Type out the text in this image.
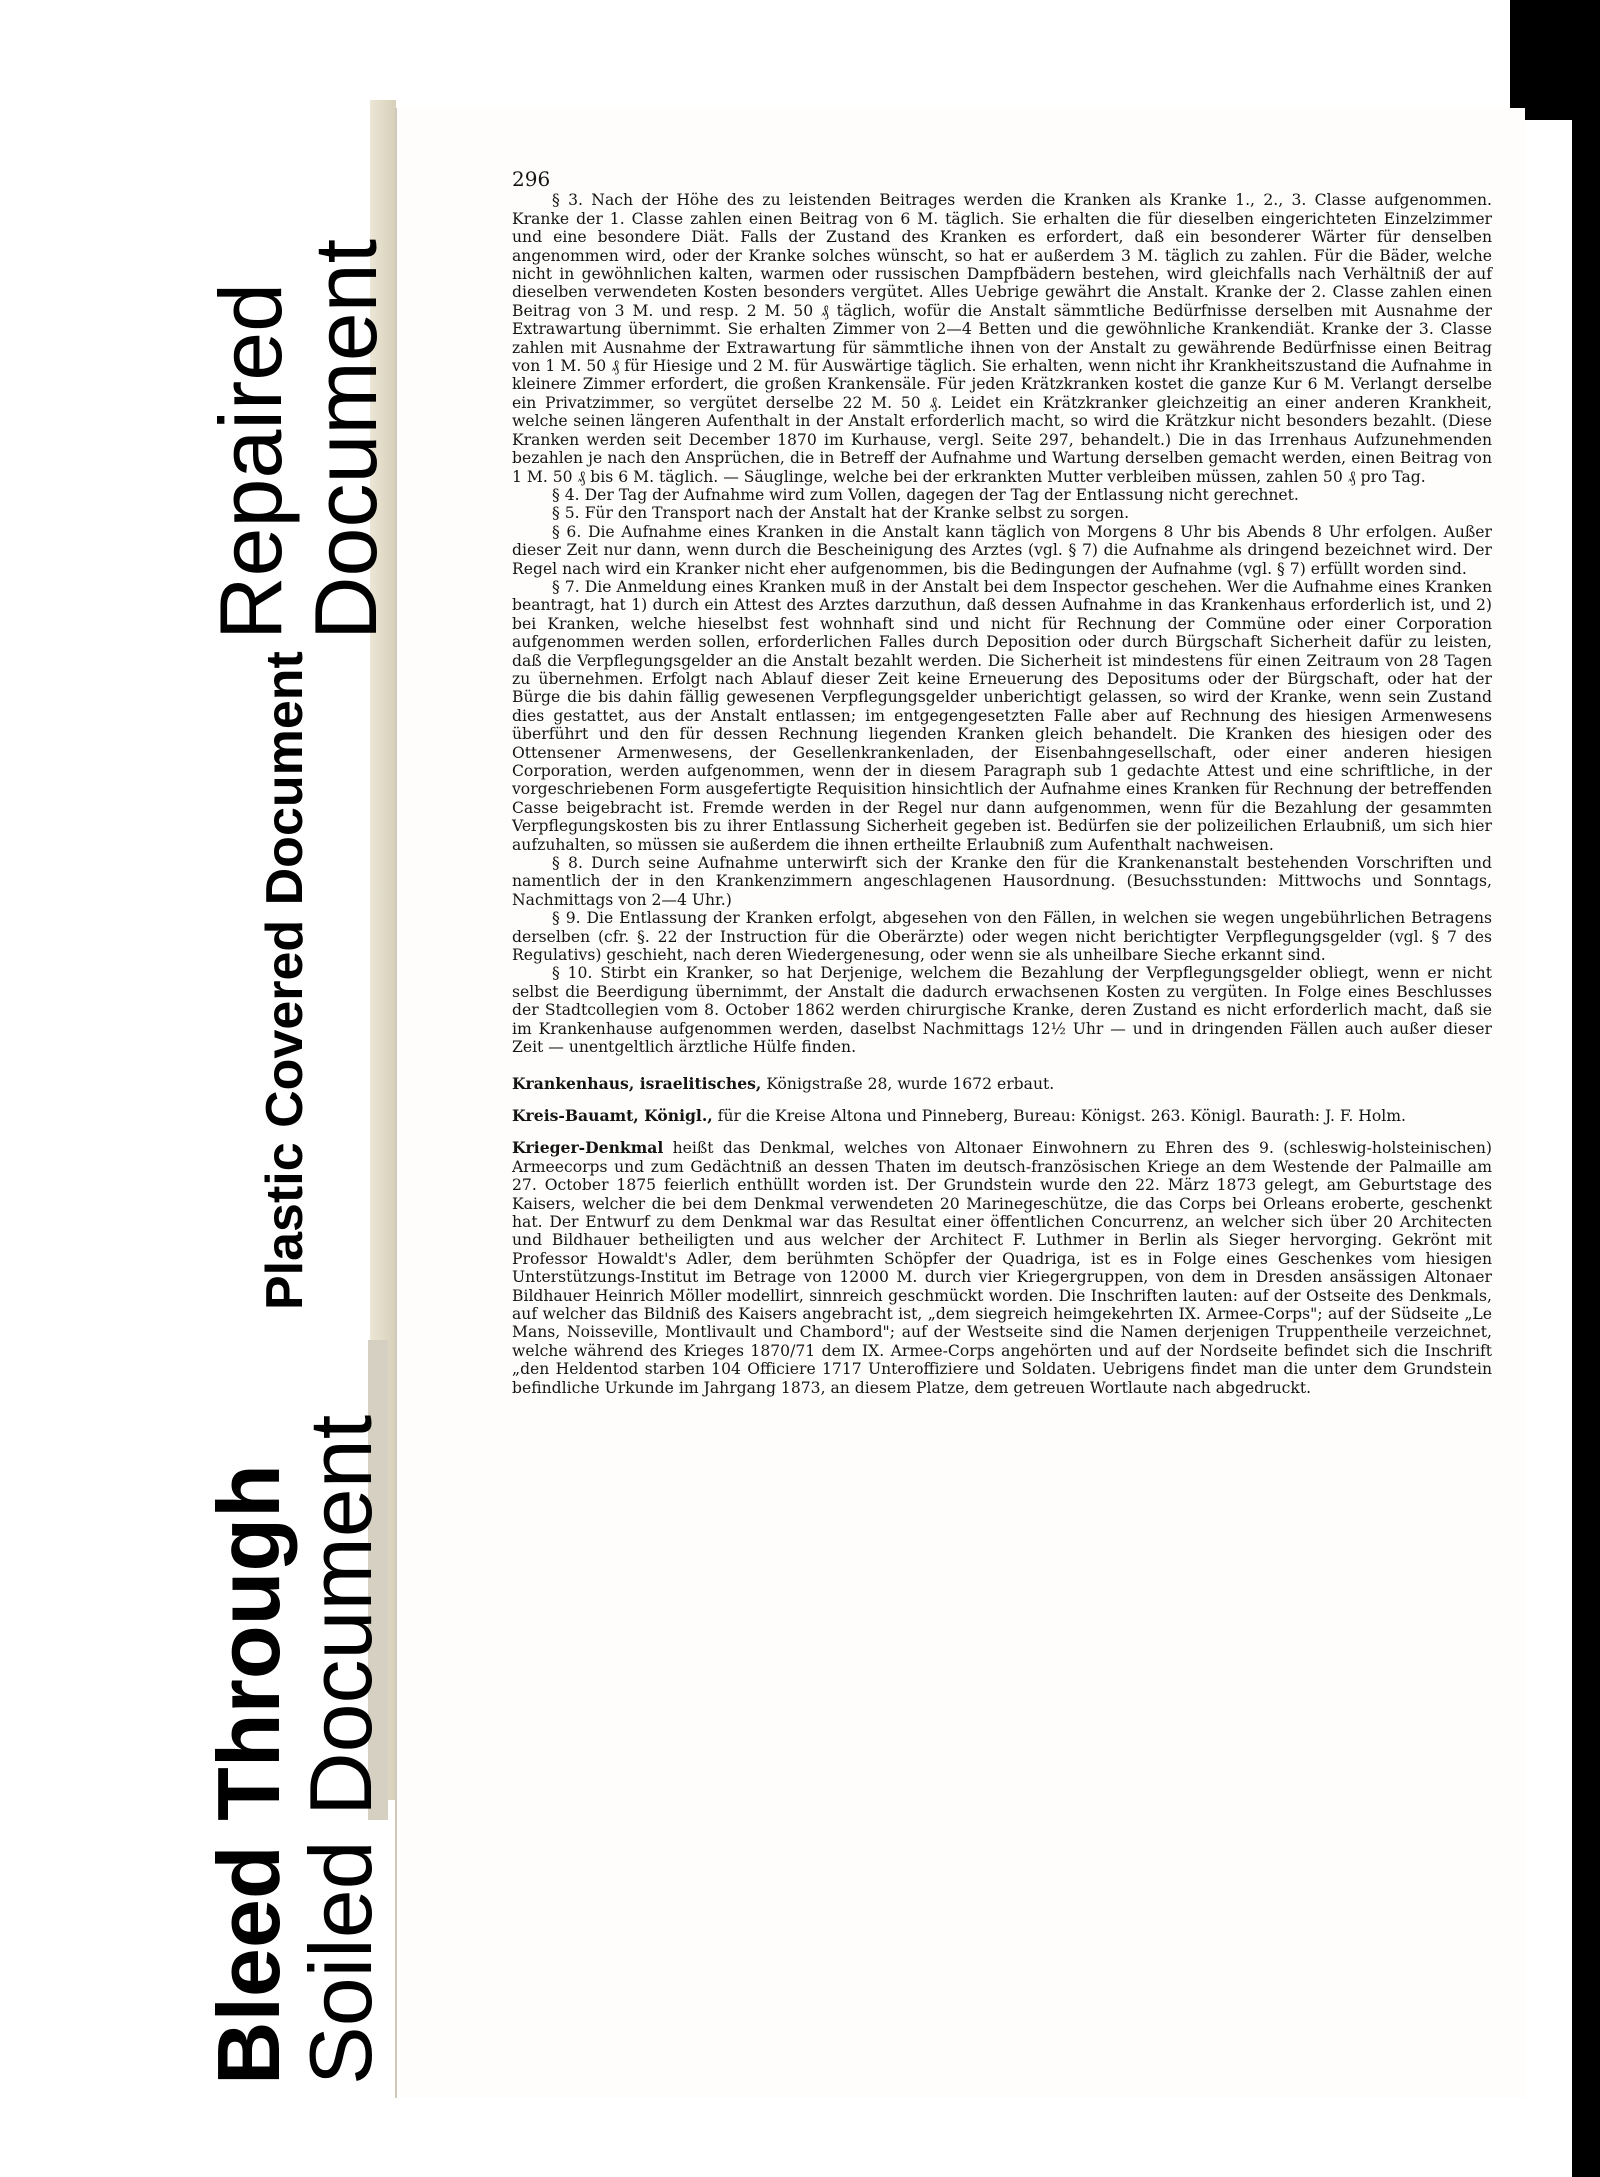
Repaired
Document
Plastic Covered Document
Bleed Through
Soiled Document
296

§ 3. Nach der Höhe des zu leistenden Beitrages werden die Kranken als Kranke 1., 2., 3. Classe aufgenommen. Kranke der 1. Classe zahlen einen Beitrag von 6 M. täglich. Sie erhalten die für dieselben eingerichteten Einzelzimmer und eine besondere Diät. Falls der Zustand des Kranken es erfordert, daß ein besonderer Wärter für denselben angenommen wird, oder der Kranke solches wünscht, so hat er außerdem 3 M. täglich zu zahlen. Für die Bäder, welche nicht in gewöhnlichen kalten, warmen oder russischen Dampfbädern bestehen, wird gleichfalls nach Verhältniß der auf dieselben verwendeten Kosten besonders vergütet. Alles Uebrige gewährt die Anstalt. Kranke der 2. Classe zahlen einen Beitrag von 3 M. und resp. 2 M. 50 ₰ täglich, wofür die Anstalt sämmtliche Bedürfnisse derselben mit Ausnahme der Extrawartung übernimmt. Sie erhalten Zimmer von 2—4 Betten und die gewöhnliche Krankendiät. Kranke der 3. Classe zahlen mit Ausnahme der Extrawartung für sämmtliche ihnen von der Anstalt zu gewährende Bedürfnisse einen Beitrag von 1 M. 50 ₰ für Hiesige und 2 M. für Auswärtige täglich. Sie erhalten, wenn nicht ihr Krankheitszustand die Aufnahme in kleinere Zimmer erfordert, die großen Krankensäle. Für jeden Krätzkranken kostet die ganze Kur 6 M. Verlangt derselbe ein Privatzimmer, so vergütet derselbe 22 M. 50 ₰. Leidet ein Krätzkranker gleichzeitig an einer anderen Krankheit, welche seinen längeren Aufenthalt in der Anstalt erforderlich macht, so wird die Krätzkur nicht besonders bezahlt. (Diese Kranken werden seit December 1870 im Kurhause, vergl. Seite 297, behandelt.) Die in das Irrenhaus Aufzunehmenden bezahlen je nach den Ansprüchen, die in Betreff der Aufnahme und Wartung derselben gemacht werden, einen Beitrag von 1 M. 50 ₰ bis 6 M. täglich. — Säuglinge, welche bei der erkrankten Mutter verbleiben müssen, zahlen 50 ₰ pro Tag.

§ 4. Der Tag der Aufnahme wird zum Vollen, dagegen der Tag der Entlassung nicht gerechnet.

§ 5. Für den Transport nach der Anstalt hat der Kranke selbst zu sorgen.

§ 6. Die Aufnahme eines Kranken in die Anstalt kann täglich von Morgens 8 Uhr bis Abends 8 Uhr erfolgen. Außer dieser Zeit nur dann, wenn durch die Bescheinigung des Arztes (vgl. § 7) die Aufnahme als dringend bezeichnet wird. Der Regel nach wird ein Kranker nicht eher aufgenommen, bis die Bedingungen der Aufnahme (vgl. § 7) erfüllt worden sind.

§ 7. Die Anmeldung eines Kranken muß in der Anstalt bei dem Inspector geschehen. Wer die Aufnahme eines Kranken beantragt, hat 1) durch ein Attest des Arztes darzuthun, daß dessen Aufnahme in das Krankenhaus erforderlich ist, und 2) bei Kranken, welche hieselbst fest wohnhaft sind und nicht für Rechnung der Commüne oder einer Corporation aufgenommen werden sollen, erforderlichen Falles durch Deposition oder durch Bürgschaft Sicherheit dafür zu leisten, daß die Verpflegungsgelder an die Anstalt bezahlt werden. Die Sicherheit ist mindestens für einen Zeitraum von 28 Tagen zu übernehmen. Erfolgt nach Ablauf dieser Zeit keine Erneuerung des Depositums oder der Bürgschaft, oder hat der Bürge die bis dahin fällig gewesenen Verpflegungsgelder unberichtigt gelassen, so wird der Kranke, wenn sein Zustand dies gestattet, aus der Anstalt entlassen; im entgegengesetzten Falle aber auf Rechnung des hiesigen Armenwesens überführt und den für dessen Rechnung liegenden Kranken gleich behandelt. Die Kranken des hiesigen oder des Ottensener Armenwesens, der Gesellenkrankenladen, der Eisenbahngesellschaft, oder einer anderen hiesigen Corporation, werden aufgenommen, wenn der in diesem Paragraph sub 1 gedachte Attest und eine schriftliche, in der vorgeschriebenen Form ausgefertigte Requisition hinsichtlich der Aufnahme eines Kranken für Rechnung der betreffenden Casse beigebracht ist. Fremde werden in der Regel nur dann aufgenommen, wenn für die Bezahlung der gesammten Verpflegungskosten bis zu ihrer Entlassung Sicherheit gegeben ist. Bedürfen sie der polizeilichen Erlaubniß, um sich hier aufzuhalten, so müssen sie außerdem die ihnen ertheilte Erlaubniß zum Aufenthalt nachweisen.

§ 8. Durch seine Aufnahme unterwirft sich der Kranke den für die Krankenanstalt bestehenden Vorschriften und namentlich der in den Krankenzimmern angeschlagenen Hausordnung. (Besuchsstunden: Mittwochs und Sonntags, Nachmittags von 2—4 Uhr.)

§ 9. Die Entlassung der Kranken erfolgt, abgesehen von den Fällen, in welchen sie wegen ungebührlichen Betragens derselben (cfr. §. 22 der Instruction für die Oberärzte) oder wegen nicht berichtigter Verpflegungsgelder (vgl. § 7 des Regulativs) geschieht, nach deren Wiedergenesung, oder wenn sie als unheilbare Sieche erkannt sind.

§ 10. Stirbt ein Kranker, so hat Derjenige, welchem die Bezahlung der Verpflegungsgelder obliegt, wenn er nicht selbst die Beerdigung übernimmt, der Anstalt die dadurch erwachsenen Kosten zu vergüten. In Folge eines Beschlusses der Stadtcollegien vom 8. October 1862 werden chirurgische Kranke, deren Zustand es nicht erforderlich macht, daß sie im Krankenhause aufgenommen werden, daselbst Nachmittags 12½ Uhr — und in dringenden Fällen auch außer dieser Zeit — unentgeltlich ärztliche Hülfe finden.

Krankenhaus, israelitisches, Königstraße 28, wurde 1672 erbaut.

Kreis-Bauamt, Königl., für die Kreise Altona und Pinneberg, Bureau: Königst. 263. Königl. Baurath: J. F. Holm.

Krieger-Denkmal heißt das Denkmal, welches von Altonaer Einwohnern zu Ehren des 9. (schleswig-holsteinischen) Armeecorps und zum Gedächtniß an dessen Thaten im deutsch-französischen Kriege an dem Westende der Palmaille am 27. October 1875 feierlich enthüllt worden ist. Der Grundstein wurde den 22. März 1873 gelegt, am Geburtstage des Kaisers, welcher die bei dem Denkmal verwendeten 20 Marinegeschütze, die das Corps bei Orleans eroberte, geschenkt hat. Der Entwurf zu dem Denkmal war das Resultat einer öffentlichen Concurrenz, an welcher sich über 20 Architecten und Bildhauer betheiligten und aus welcher der Architect F. Luthmer in Berlin als Sieger hervorging. Gekrönt mit Professor Howaldt's Adler, dem berühmten Schöpfer der Quadriga, ist es in Folge eines Geschenkes vom hiesigen Unterstützungs-Institut im Betrage von 12000 M. durch vier Kriegergruppen, von dem in Dresden ansässigen Altonaer Bildhauer Heinrich Möller modellirt, sinnreich geschmückt worden. Die Inschriften lauten: auf der Ostseite des Denkmals, auf welcher das Bildniß des Kaisers angebracht ist, „dem siegreich heimgekehrten IX. Armee-Corps"; auf der Südseite „Le Mans, Noisseville, Montlivault und Chambord"; auf der Westseite sind die Namen derjenigen Truppentheile verzeichnet, welche während des Krieges 1870/71 dem IX. Armee-Corps angehörten und auf der Nordseite befindet sich die Inschrift „den Heldentod starben 104 Officiere 1717 Unteroffiziere und Soldaten. Uebrigens findet man die unter dem Grundstein befindliche Urkunde im Jahrgang 1873, an diesem Platze, dem getreuen Wortlaute nach abgedruckt.
